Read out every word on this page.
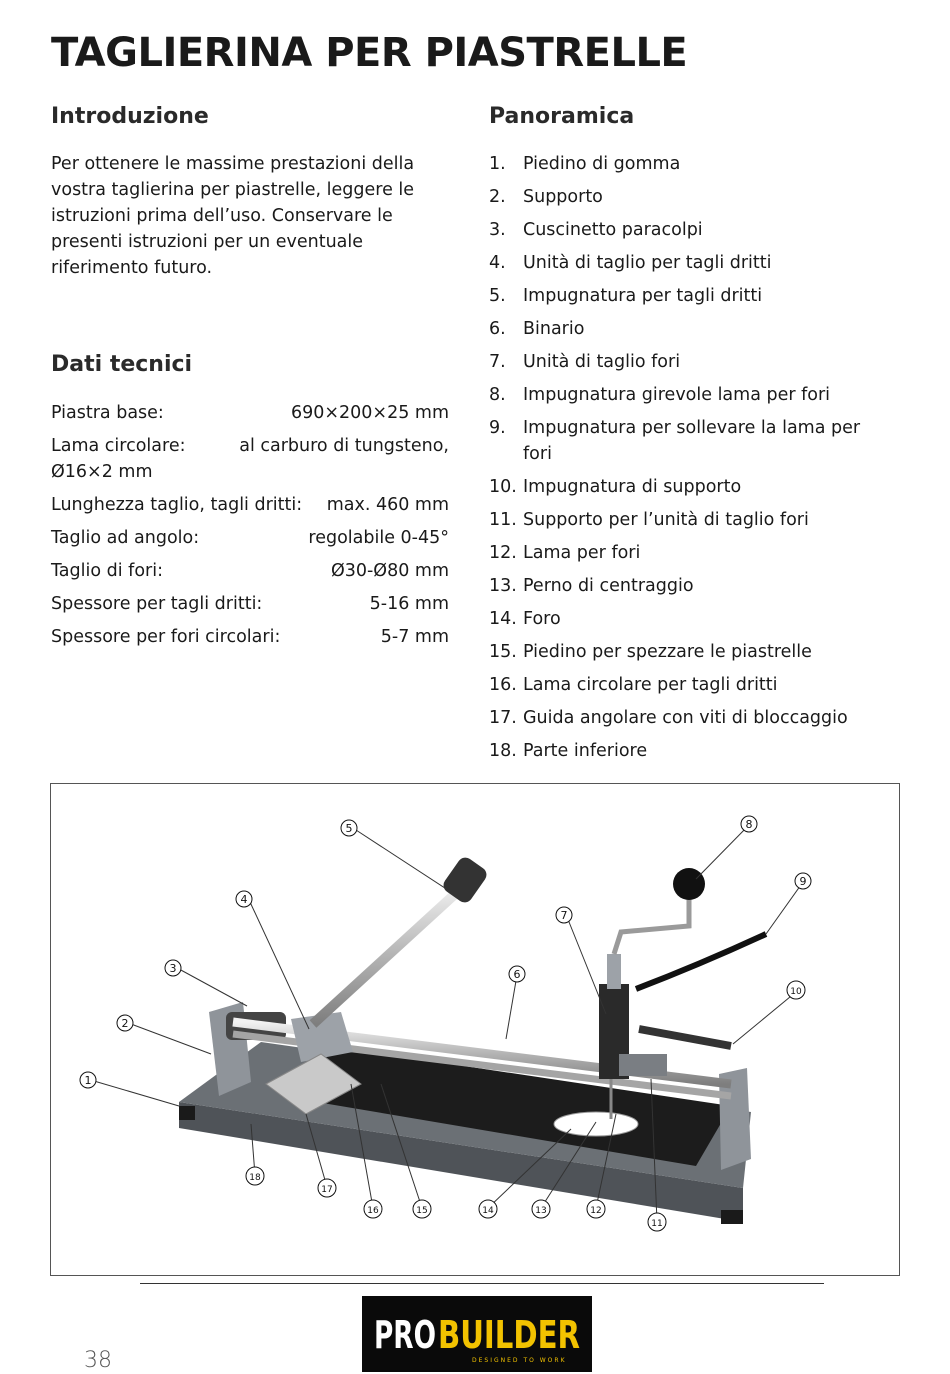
TAGLIERINA PER PIASTRELLE
Introduzione

Per ottenere le massime prestazioni della vostra taglierina per piastrelle, leggere le istruzioni prima dell’uso. Conservare le presenti istruzioni per un eventuale riferimento futuro.

Dati tecnici
Piastra base:	690×200×25 mm
Lama circolare:	al carburo di tungsteno,
Ø16×2 mm
Lunghezza taglio, tagli dritti: max. 460 mm
Taglio ad angolo:	regolabile 0-45°
Taglio di fori:	Ø30-Ø80 mm
Spessore per tagli dritti:	5-16 mm
Spessore per fori circolari:	5-7 mm
Panoramica
1. Piedino di gomma
2. Supporto
3. Cuscinetto paracolpi
4. Unità di taglio per tagli dritti
5. Impugnatura per tagli dritti
6. Binario
7. Unità di taglio fori
8. Impugnatura girevole lama per fori
9. Impugnatura per sollevare la lama per fori
10. Impugnatura di supporto
11. Supporto per l’unità di taglio fori
12. Lama per fori
13. Perno di centraggio
14. Foro
15. Piedino per spezzare le piastrelle
16. Lama circolare per tagli dritti
17. Guida angolare con viti di bloccaggio
18. Parte inferiore
1
2
3
4
5
6
7
8
9
10
11
12
13
14
15
16
17
18
PRO BUILDER
DESIGNED TO WORK
38
